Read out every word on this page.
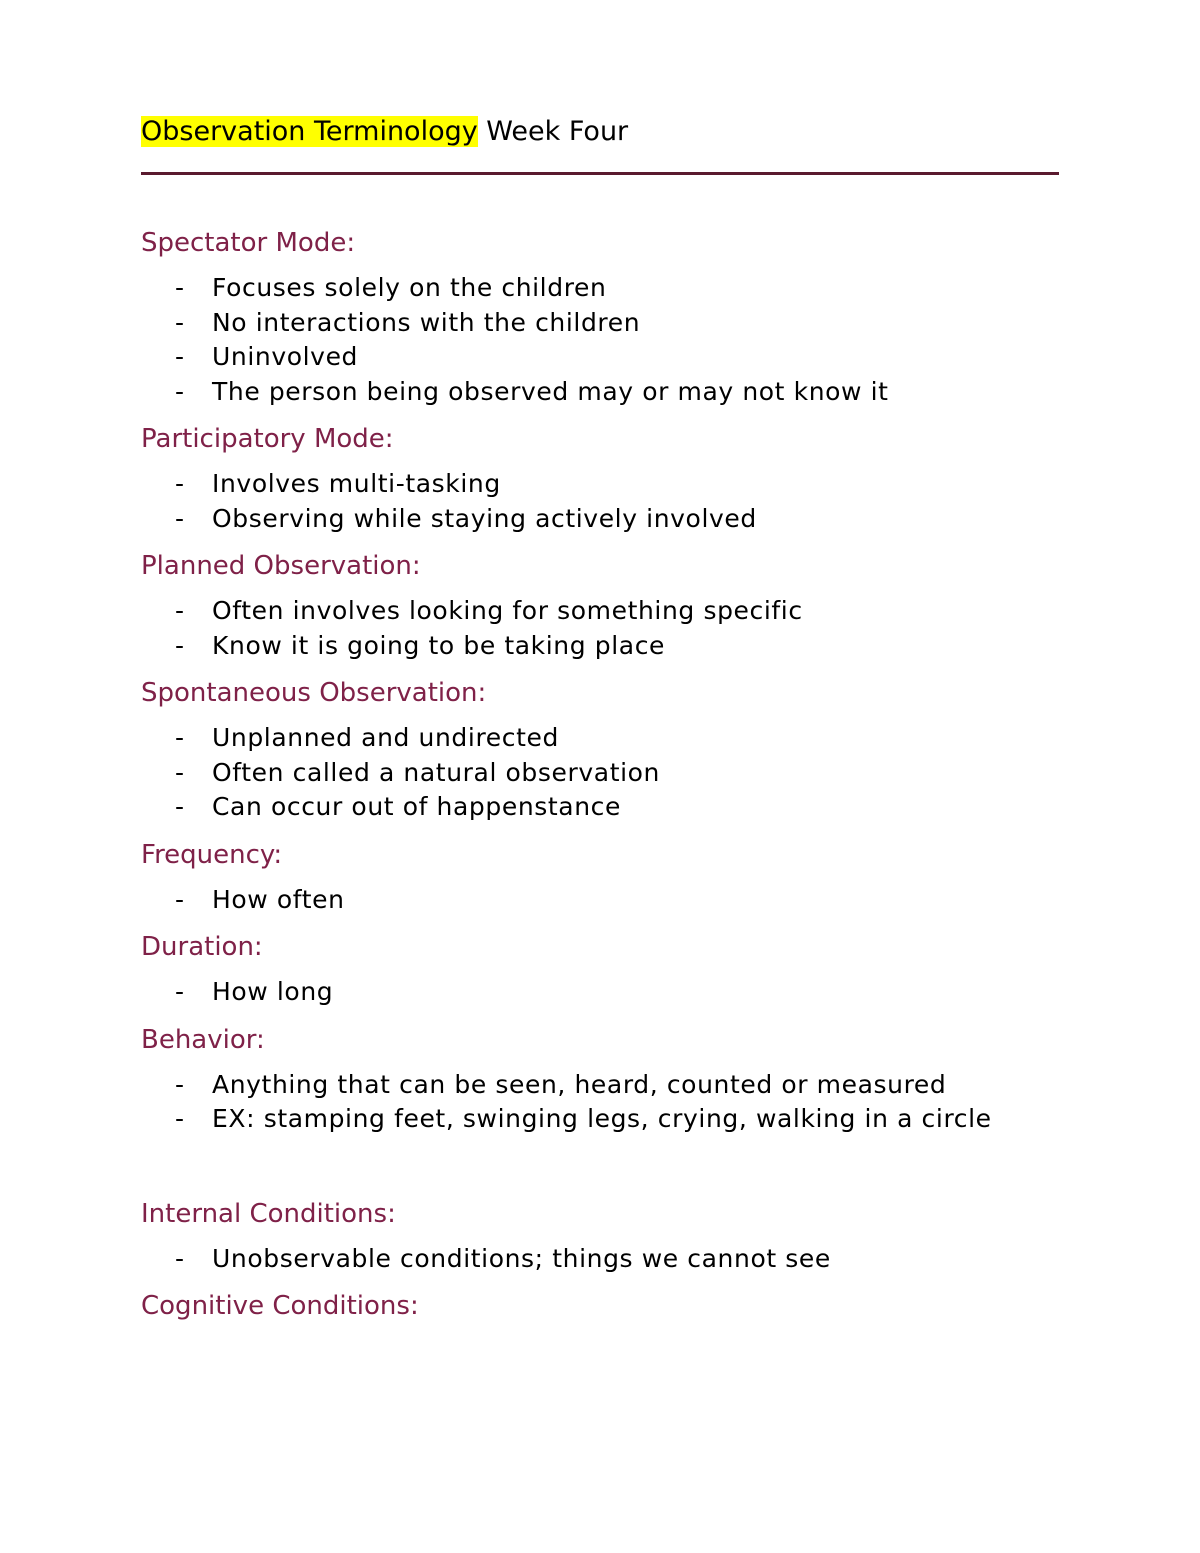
Observation Terminology Week Four
Spectator Mode:
- Focuses solely on the children
- No interactions with the children
- Uninvolved
- The person being observed may or may not know it
Participatory Mode:
- Involves multi-tasking
- Observing while staying actively involved
Planned Observation:
- Often involves looking for something specific
- Know it is going to be taking place
Spontaneous Observation:
- Unplanned and undirected
- Often called a natural observation
- Can occur out of happenstance
Frequency:
- How often
Duration:
- How long
Behavior:
- Anything that can be seen, heard, counted or measured
- EX: stamping feet, swinging legs, crying, walking in a circle
Internal Conditions:
- Unobservable conditions; things we cannot see
Cognitive Conditions:
